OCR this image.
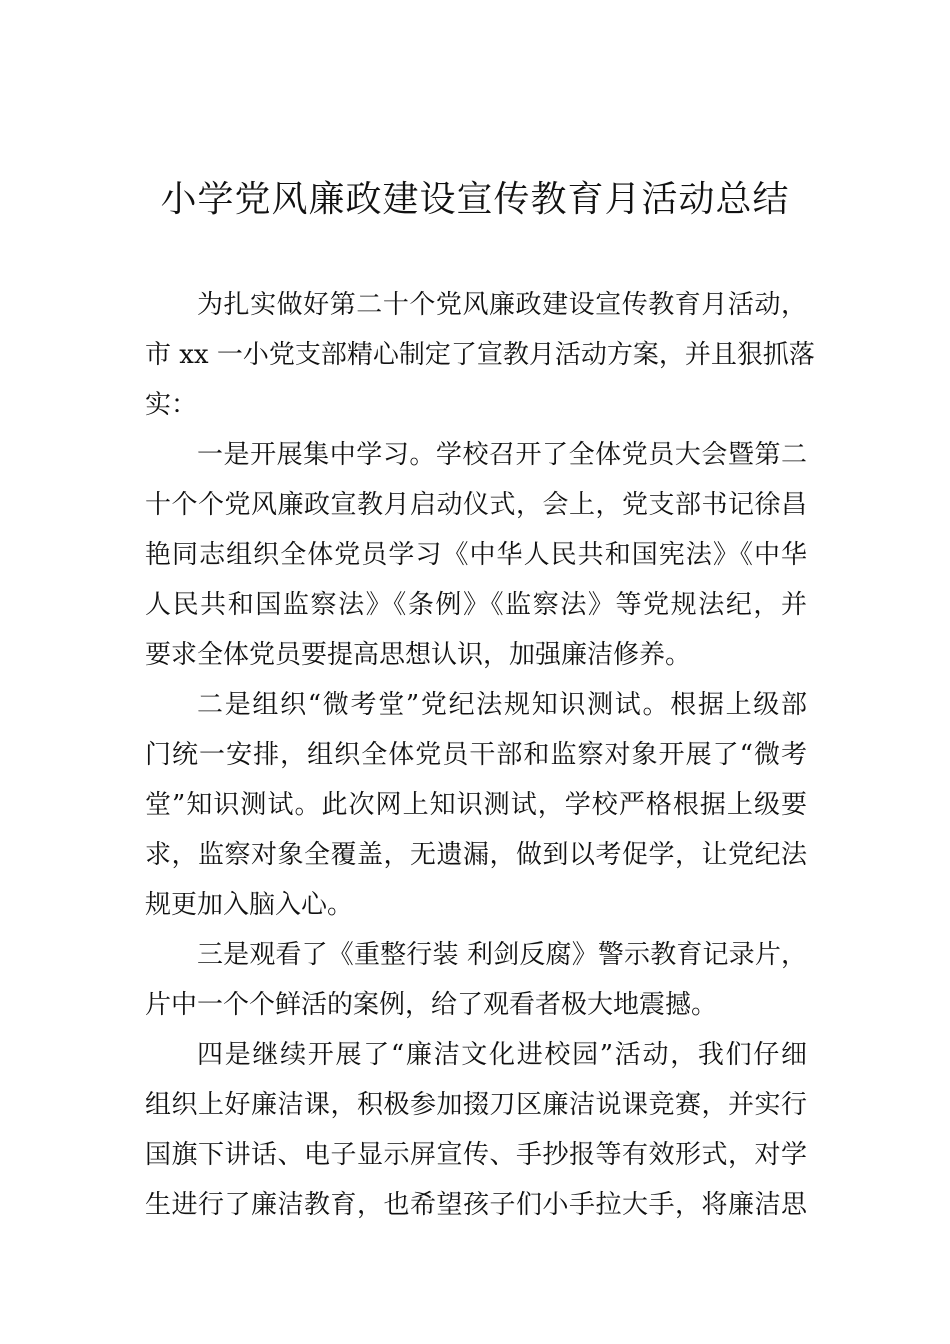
小学党风廉政建设宣传教育月活动总结
为扎实做好第二十个党风廉政建设宣传教育月活动，
市 xx 一小党支部精心制定了宣教月活动方案，并且狠抓落
实：
一是开展集中学习。学校召开了全体党员大会暨第二
十个个党风廉政宣教月启动仪式，会上，党支部书记徐昌
艳同志组织全体党员学习《中华人民共和国宪法》《中华
人民共和国监察法》《条例》《监察法》等党规法纪，并
要求全体党员要提高思想认识，加强廉洁修养。
二是组织“微考堂”党纪法规知识测试。根据上级部
门统一安排，组织全体党员干部和监察对象开展了“微考
堂”知识测试。此次网上知识测试，学校严格根据上级要
求，监察对象全覆盖，无遗漏，做到以考促学，让党纪法
规更加入脑入心。
三是观看了《重整行装 利剑反腐》警示教育记录片，
片中一个个鲜活的案例，给了观看者极大地震撼。
四是继续开展了“廉洁文化进校园”活动，我们仔细
组织上好廉洁课，积极参加掇刀区廉洁说课竞赛，并实行
国旗下讲话、电子显示屏宣传、手抄报等有效形式，对学
生进行了廉洁教育，也希望孩子们小手拉大手，将廉洁思
